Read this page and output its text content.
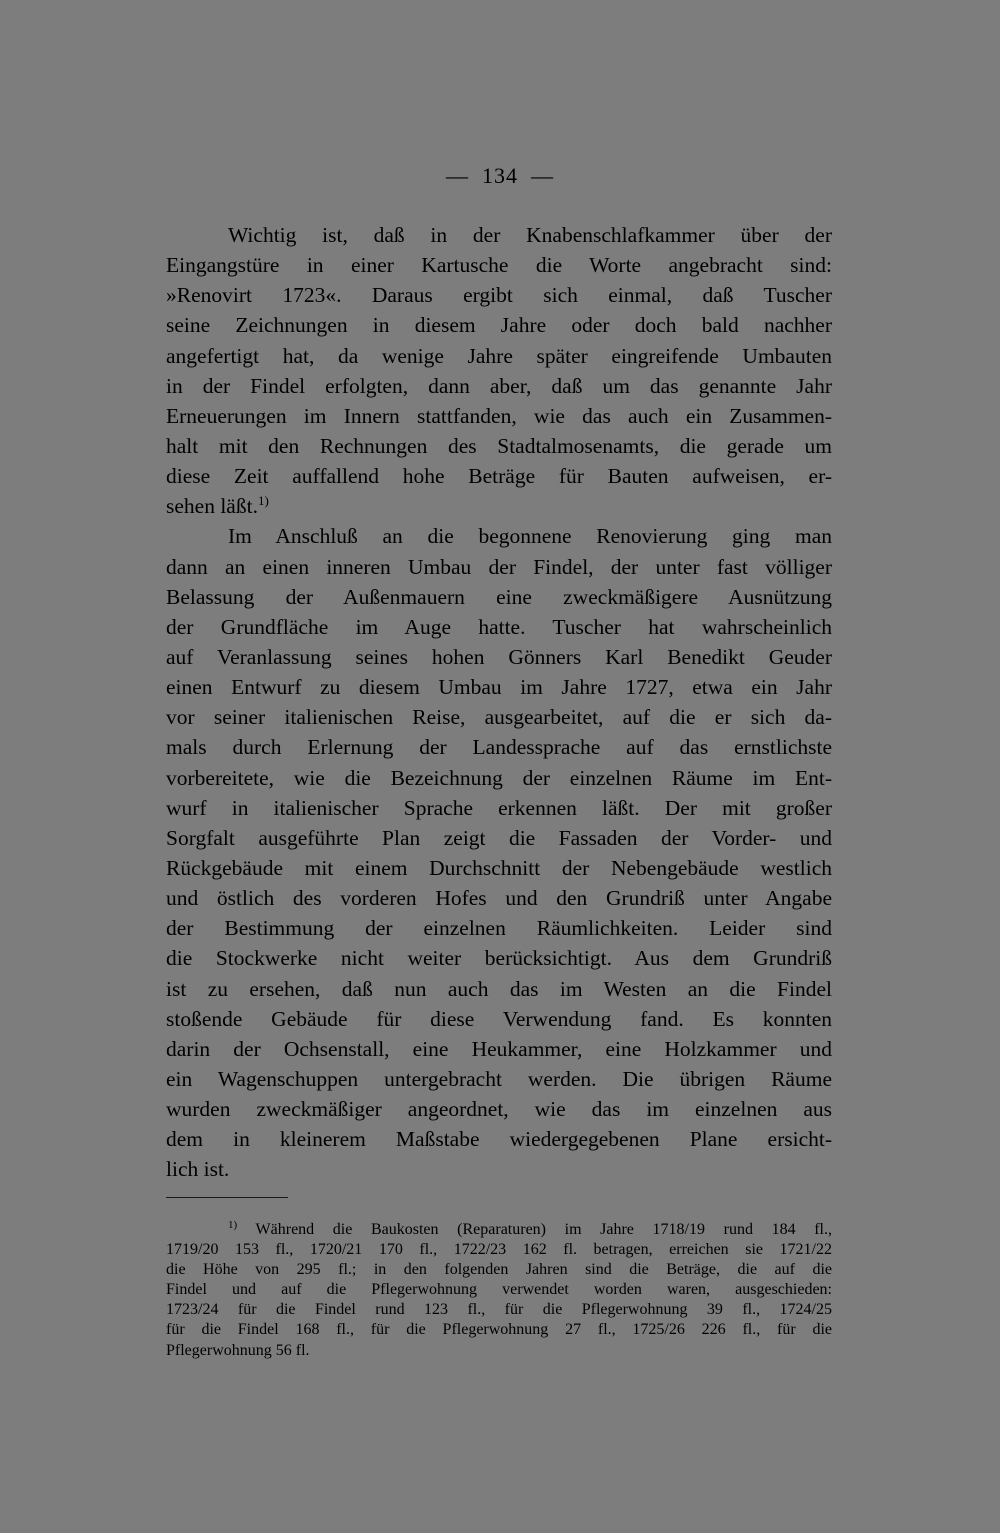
—  134  —
Wichtig ist, daß in der Knabenschlafkammer über der
Eingangstüre in einer Kartusche die Worte angebracht sind:
»Renovirt 1723«. Daraus ergibt sich einmal, daß Tuscher
seine Zeichnungen in diesem Jahre oder doch bald nachher
angefertigt hat, da wenige Jahre später eingreifende Umbauten
in der Findel erfolgten, dann aber, daß um das genannte Jahr
Erneuerungen im Innern stattfanden, wie das auch ein Zusammen-
halt mit den Rechnungen des Stadtalmosenamts, die gerade um
diese Zeit auffallend hohe Beträge für Bauten aufweisen, er-
sehen läßt.$^{1)}$
Im Anschluß an die begonnene Renovierung ging man
dann an einen inneren Umbau der Findel, der unter fast völliger
Belassung der Außenmauern eine zweckmäßigere Ausnützung
der Grundfläche im Auge hatte. Tuscher hat wahrscheinlich
auf Veranlassung seines hohen Gönners Karl Benedikt Geuder
einen Entwurf zu diesem Umbau im Jahre 1727, etwa ein Jahr
vor seiner italienischen Reise, ausgearbeitet, auf die er sich da-
mals durch Erlernung der Landessprache auf das ernstlichste
vorbereitete, wie die Bezeichnung der einzelnen Räume im Ent-
wurf in italienischer Sprache erkennen läßt. Der mit großer
Sorgfalt ausgeführte Plan zeigt die Fassaden der Vorder- und
Rückgebäude mit einem Durchschnitt der Nebengebäude westlich
und östlich des vorderen Hofes und den Grundriß unter Angabe
der Bestimmung der einzelnen Räumlichkeiten. Leider sind
die Stockwerke nicht weiter berücksichtigt. Aus dem Grundriß
ist zu ersehen, daß nun auch das im Westen an die Findel
stoßende Gebäude für diese Verwendung fand. Es konnten
darin der Ochsenstall, eine Heukammer, eine Holzkammer und
ein Wagenschuppen untergebracht werden. Die übrigen Räume
wurden zweckmäßiger angeordnet, wie das im einzelnen aus
dem in kleinerem Maßstabe wiedergegebenen Plane ersicht-
lich ist.
$^{1)}$ Während die Baukosten (Reparaturen) im Jahre 1718/19 rund 184 fl.,
1719/20 153 fl., 1720/21 170 fl., 1722/23 162 fl. betragen, erreichen sie 1721/22
die Höhe von 295 fl.; in den folgenden Jahren sind die Beträge, die auf die
Findel und auf die Pflegerwohnung verwendet worden waren, ausgeschieden:
1723/24 für die Findel rund 123 fl., für die Pflegerwohnung 39 fl., 1724/25
für die Findel 168 fl., für die Pflegerwohnung 27 fl., 1725/26 226 fl., für die
Pflegerwohnung 56 fl.
